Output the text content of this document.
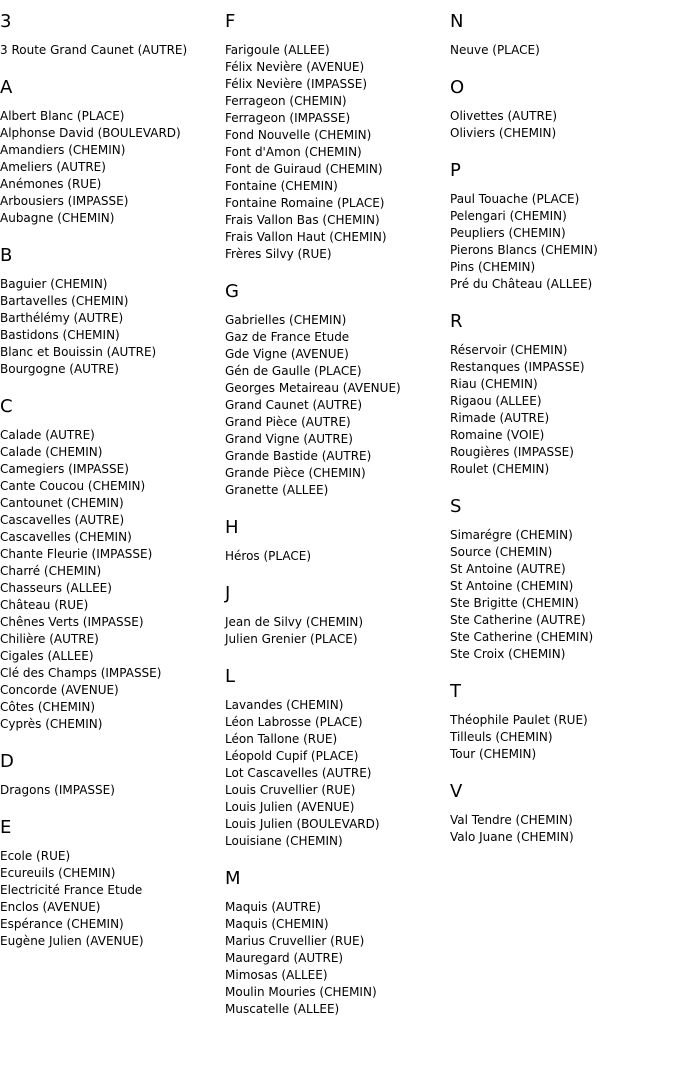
3
3 Route Grand Caunet (AUTRE)
A
Albert Blanc (PLACE)
Alphonse David (BOULEVARD)
Amandiers (CHEMIN)
Ameliers (AUTRE)
Anémones (RUE)
Arbousiers (IMPASSE)
Aubagne (CHEMIN)
B
Baguier (CHEMIN)
Bartavelles (CHEMIN)
Barthélémy (AUTRE)
Bastidons (CHEMIN)
Blanc et Bouissin (AUTRE)
Bourgogne (AUTRE)
C
Calade (AUTRE)
Calade (CHEMIN)
Camegiers (IMPASSE)
Cante Coucou (CHEMIN)
Cantounet (CHEMIN)
Cascavelles (AUTRE)
Cascavelles (CHEMIN)
Chante Fleurie (IMPASSE)
Charré (CHEMIN)
Chasseurs (ALLEE)
Château (RUE)
Chênes Verts (IMPASSE)
Chilière (AUTRE)
Cigales (ALLEE)
Clé des Champs (IMPASSE)
Concorde (AVENUE)
Côtes (CHEMIN)
Cyprès (CHEMIN)
D
Dragons (IMPASSE)
E
Ecole (RUE)
Ecureuils (CHEMIN)
Electricité France Etude
Enclos (AVENUE)
Espérance (CHEMIN)
Eugène Julien (AVENUE)
F
Farigoule (ALLEE)
Félix Nevière (AVENUE)
Félix Nevière (IMPASSE)
Ferrageon (CHEMIN)
Ferrageon (IMPASSE)
Fond Nouvelle (CHEMIN)
Font d'Amon (CHEMIN)
Font de Guiraud (CHEMIN)
Fontaine (CHEMIN)
Fontaine Romaine (PLACE)
Frais Vallon Bas (CHEMIN)
Frais Vallon Haut (CHEMIN)
Frères Silvy (RUE)
G
Gabrielles (CHEMIN)
Gaz de France Etude
Gde Vigne (AVENUE)
Gén de Gaulle (PLACE)
Georges Metaireau (AVENUE)
Grand Caunet (AUTRE)
Grand Pièce (AUTRE)
Grand Vigne (AUTRE)
Grande Bastide (AUTRE)
Grande Pièce (CHEMIN)
Granette (ALLEE)
H
Héros (PLACE)
J
Jean de Silvy (CHEMIN)
Julien Grenier (PLACE)
L
Lavandes (CHEMIN)
Léon Labrosse (PLACE)
Léon Tallone (RUE)
Léopold Cupif (PLACE)
Lot Cascavelles (AUTRE)
Louis Cruvellier (RUE)
Louis Julien (AVENUE)
Louis Julien (BOULEVARD)
Louisiane (CHEMIN)
M
Maquis (AUTRE)
Maquis (CHEMIN)
Marius Cruvellier (RUE)
Mauregard (AUTRE)
Mimosas (ALLEE)
Moulin Mouries (CHEMIN)
Muscatelle (ALLEE)
N
Neuve (PLACE)
O
Olivettes (AUTRE)
Oliviers (CHEMIN)
P
Paul Touache (PLACE)
Pelengari (CHEMIN)
Peupliers (CHEMIN)
Pierons Blancs (CHEMIN)
Pins (CHEMIN)
Pré du Château (ALLEE)
R
Réservoir (CHEMIN)
Restanques (IMPASSE)
Riau (CHEMIN)
Rigaou (ALLEE)
Rimade (AUTRE)
Romaine (VOIE)
Rougières (IMPASSE)
Roulet (CHEMIN)
S
Simarégre (CHEMIN)
Source (CHEMIN)
St Antoine (AUTRE)
St Antoine (CHEMIN)
Ste Brigitte (CHEMIN)
Ste Catherine (AUTRE)
Ste Catherine (CHEMIN)
Ste Croix (CHEMIN)
T
Théophile Paulet (RUE)
Tilleuls (CHEMIN)
Tour (CHEMIN)
V
Val Tendre (CHEMIN)
Valo Juane (CHEMIN)
